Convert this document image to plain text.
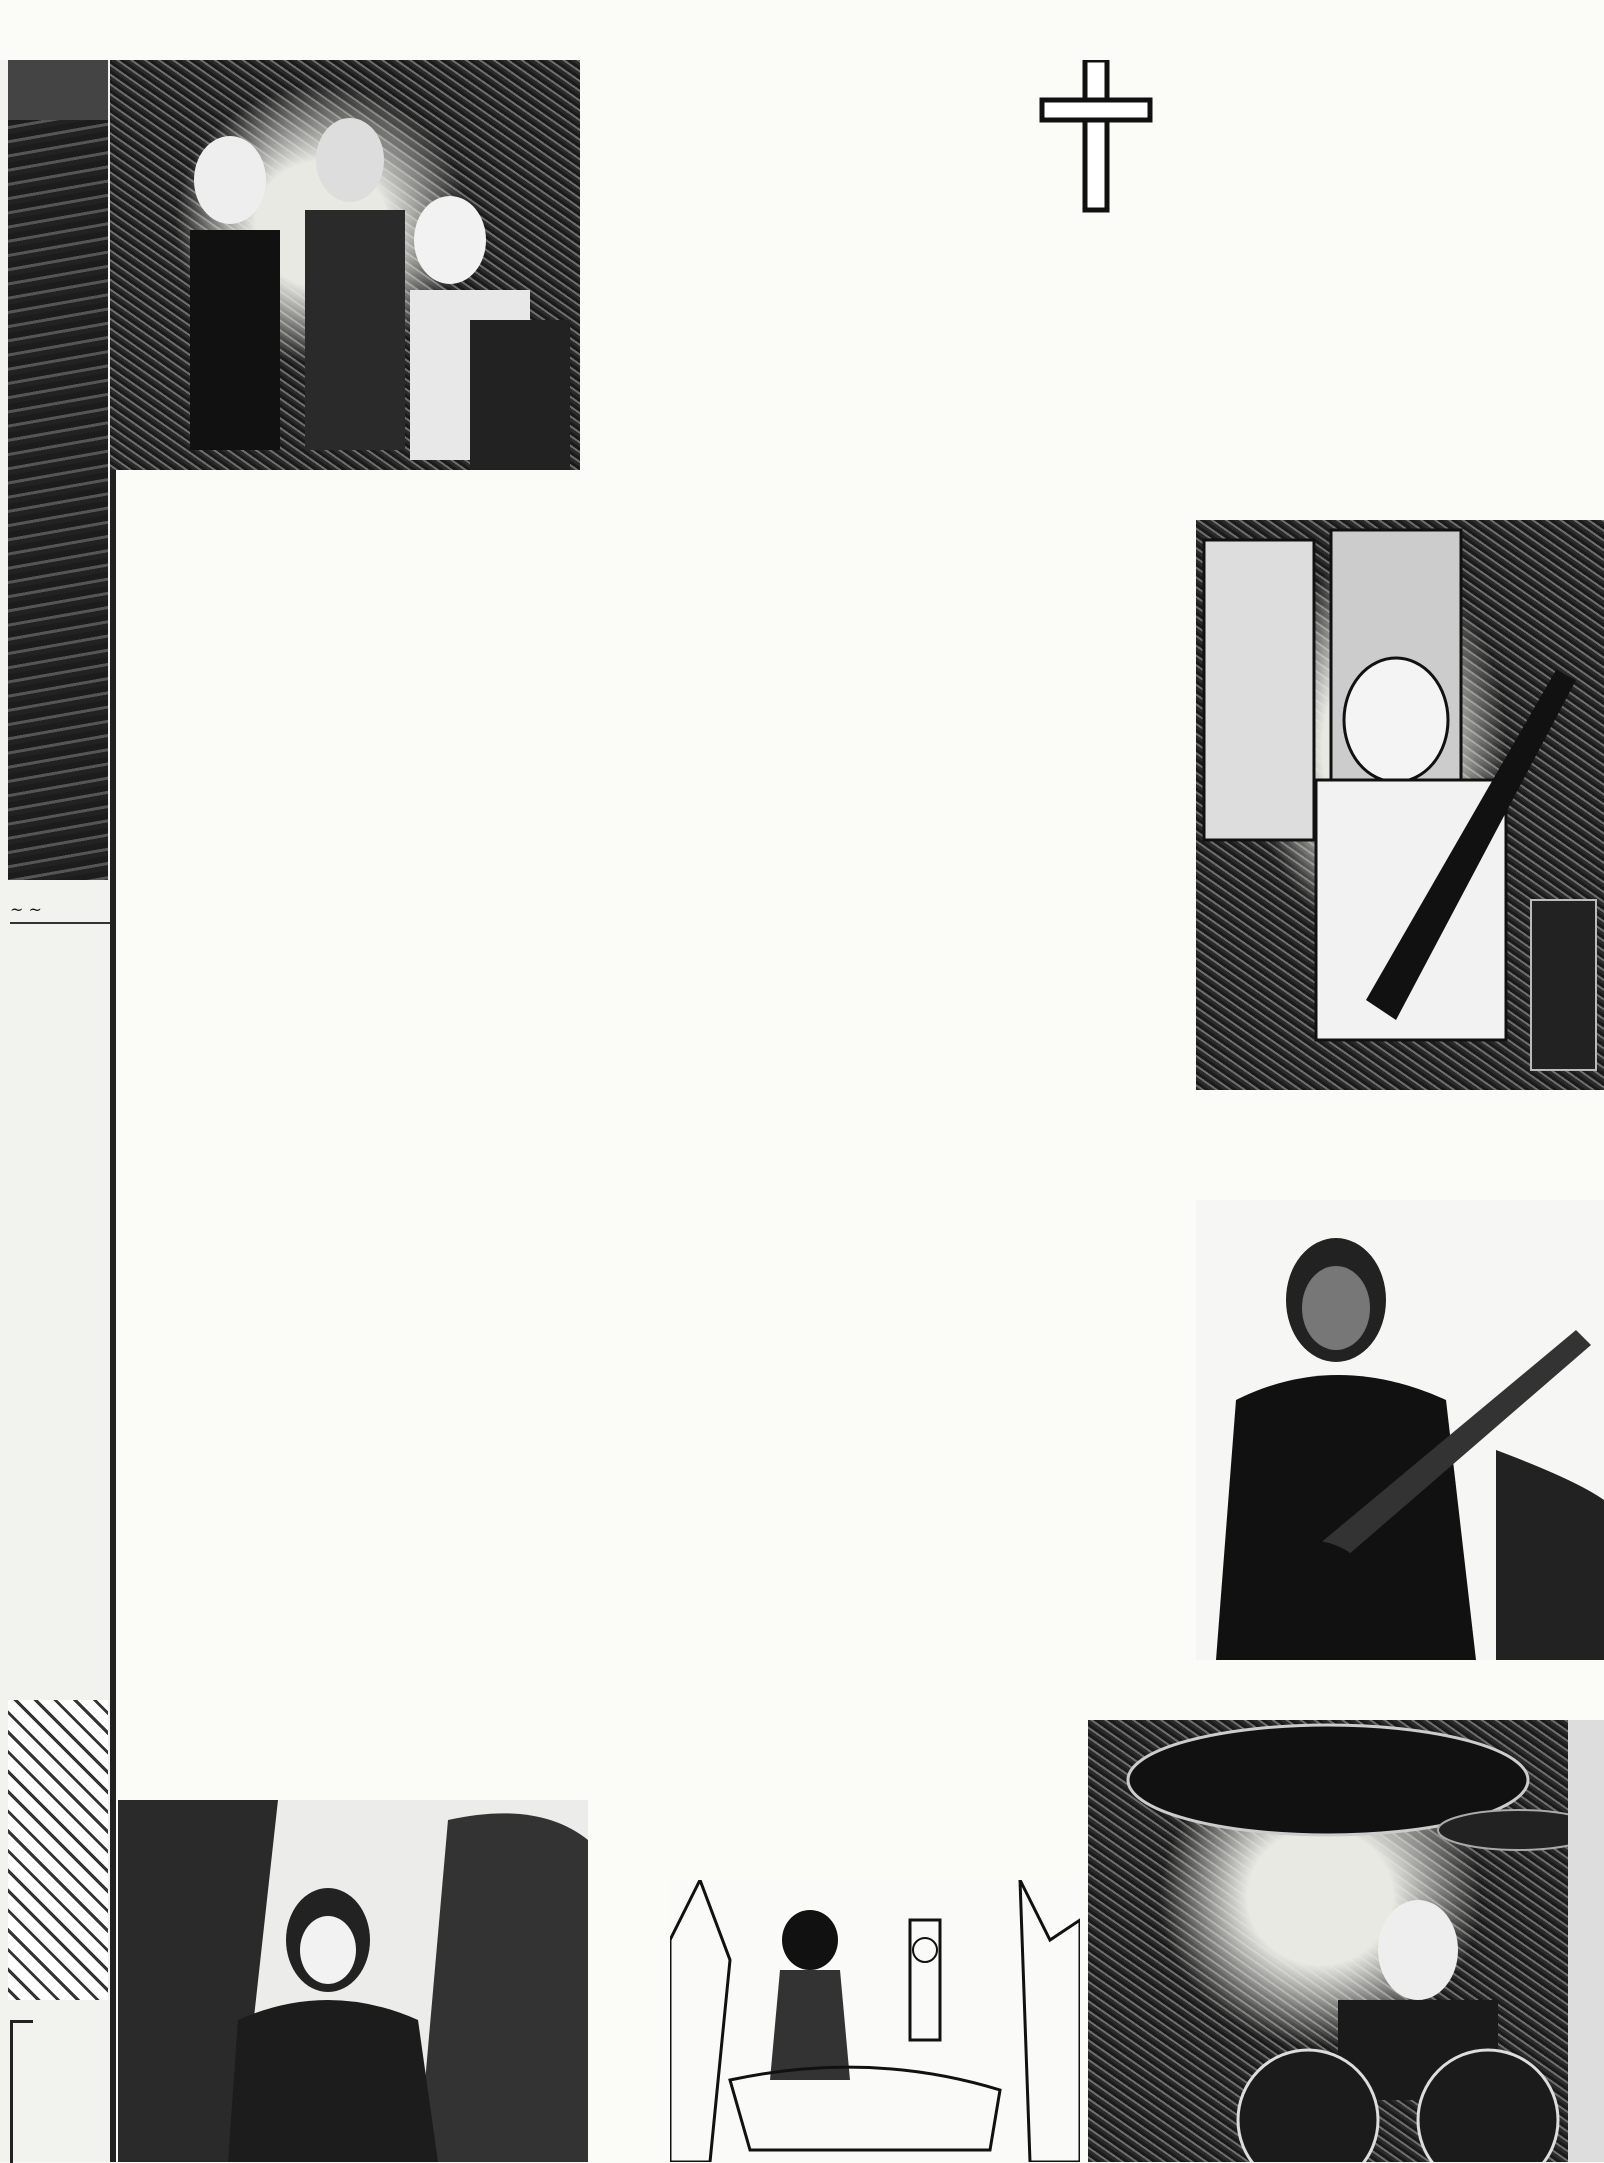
~ ~
